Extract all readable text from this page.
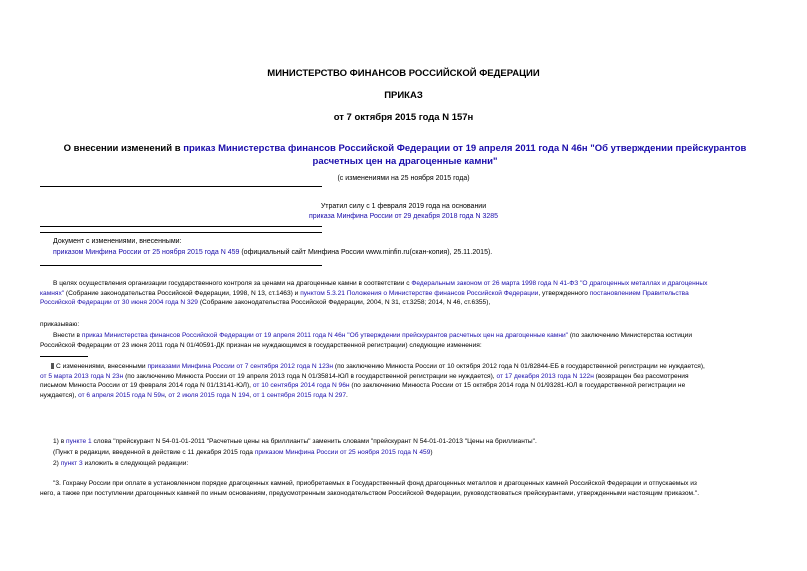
МИНИСТЕРСТВО ФИНАНСОВ РОССИЙСКОЙ ФЕДЕРАЦИИ
ПРИКАЗ
от 7 октября 2015 года N 157н
О внесении изменений в приказ Министерства финансов Российской Федерации от 19 апреля 2011 года N 46н "Об утверждении прейскурантов расчетных цен на драгоценные камни"
(с изменениями на 25 ноября 2015 года)
Утратил силу с 1 февраля 2019 года на основании
приказа Минфина России от 29 декабря 2018 года N 3285
Документ с изменениями, внесенными:
приказом Минфина России от 25 ноября 2015 года N 459 (официальный сайт Минфина России www.minfin.ru(скан-копия), 25.11.2015).
В целях осуществления организации государственного контроля за ценами на драгоценные камни в соответствии с Федеральным законом от 26 марта 1998 года N 41-ФЗ "О драгоценных металлах и драгоценных
камнях" (Собрание законодательства Российской Федерации, 1998, N 13, ст.1463) и пунктом 5.3.21 Положения о Министерстве финансов Российской Федерации, утвержденного постановлением Правительства
Российской Федерации от 30 июня 2004 года N 329 (Собрание законодательства Российской Федерации, 2004, N 31, ст.3258; 2014, N 46, ст.6355),
приказываю:
Внести в приказ Министерства финансов Российской Федерации от 19 апреля 2011 года N 46н "Об утверждении прейскурантов расчетных цен на драгоценные камни" (по заключению Министерства юстиции
Российской Федерации от 23 июня 2011 года N 01/40591-ДК признан не нуждающимся в государственной регистрации) следующие изменения:
С изменениями, внесенными приказами Минфина России от 7 сентября 2012 года N 123н (по заключению Минюста России от 10 октября 2012 года N 01/82844-ЕБ в государственной регистрации не нуждается),
от 5 марта 2013 года N 23н (по заключению Минюста России от 19 апреля 2013 года N 01/35814-ЮЛ в государственной регистрации не нуждается), от 17 декабря 2013 года N 122н (возвращен без рассмотрения
письмом Минюста России от 19 февраля 2014 года N 01/13141-ЮЛ), от 10 сентября 2014 года N 96н (по заключению Минюста России от 15 октября 2014 года N 01/93281-ЮЛ в государственной регистрации не
нуждается), от 6 апреля 2015 года N 59н, от 2 июля 2015 года N 194, от 1 сентября 2015 года N 297.
1) в пункте 1 слова "прейскурант N 54-01-01-2011 "Расчетные цены на бриллианты" заменить словами "прейскурант N 54-01-01-2013 "Цены на бриллианты".
(Пункт в редакции, введенной в действие с 11 декабря 2015 года приказом Минфина России от 25 ноября 2015 года N 459)
2) пункт 3 изложить в следующей редакции:
"3. Гохрану России при оплате в установленном порядке драгоценных камней, приобретаемых в Государственный фонд драгоценных металлов и драгоценных камней Российской Федерации и отпускаемых из
него, а также при поступлении драгоценных камней по иным основаниям, предусмотренным законодательством Российской Федерации, руководствоваться прейскурантами, утвержденными настоящим приказом.".
